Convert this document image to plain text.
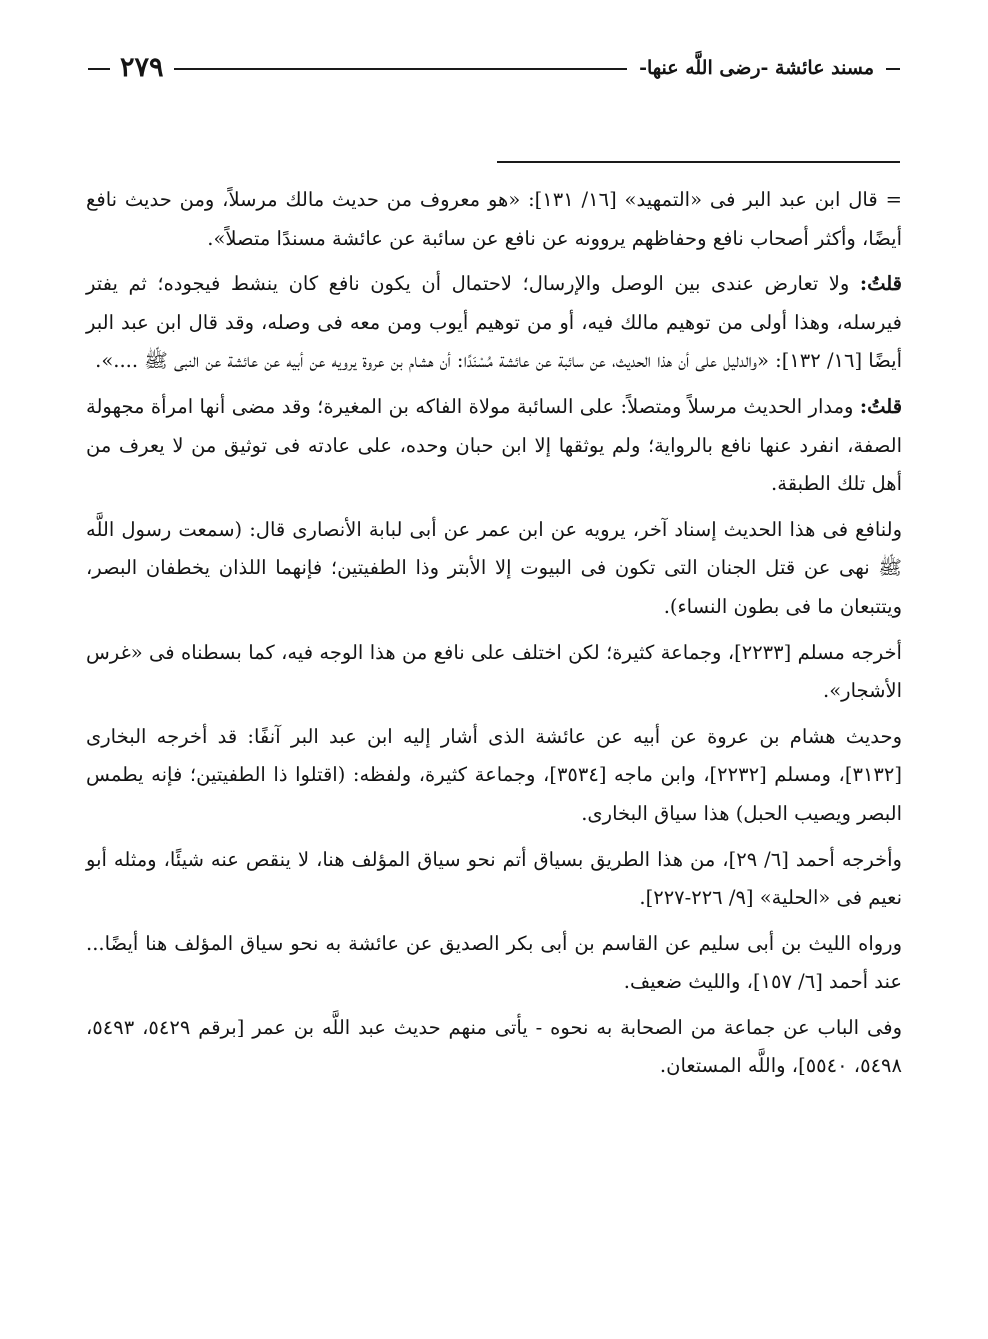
مسند عائشة -رضى اللَّه عنها-
٢٧٩

=قال ابن عبد البر فى «التمهيد» [١٦/ ١٣١]: «هو معروف من حديث مالك مرسلاً، ومن حديث نافع أيضًا، وأكثر أصحاب نافع وحفاظهم يروونه عن نافع عن سائبة عن عائشة مسندًا متصلاً».

قلتُ: ولا تعارض عندى بين الوصل والإرسال؛ لاحتمال أن يكون نافع كان ينشط فيجوده؛ ثم يفتر فيرسله، وهذا أولى من توهيم مالك فيه، أو من توهيم أيوب ومن معه فى وصله، وقد قال ابن عبد البر أيضًا [١٦/ ١٣٢]: «والدليل على أن هذا الحديث، عن سائبة عن عائشة مُسْنَدًا: أن هشام بن عروة يرويه عن أبيه عن عائشة عن النبى ﷺ ....».

قلتُ: ومدار الحديث مرسلاً ومتصلاً: على السائبة مولاة الفاكه بن المغيرة؛ وقد مضى أنها امرأة مجهولة الصفة، انفرد عنها نافع بالرواية؛ ولم يوثقها إلا ابن حبان وحده، على عادته فى توثيق من لا يعرف من أهل تلك الطبقة.

ولنافع فى هذا الحديث إسناد آخر، يرويه عن ابن عمر عن أبى لبابة الأنصارى قال: (سمعت رسول اللَّه ﷺ نهى عن قتل الجنان التى تكون فى البيوت إلا الأبتر وذا الطفيتين؛ فإنهما اللذان يخطفان البصر، ويتتبعان ما فى بطون النساء).

أخرجه مسلم [٢٢٣٣]، وجماعة كثيرة؛ لكن اختلف على نافع من هذا الوجه فيه، كما بسطناه فى «غرس الأشجار».

وحديث هشام بن عروة عن أبيه عن عائشة الذى أشار إليه ابن عبد البر آنفًا: قد أخرجه البخارى [٣١٣٢]، ومسلم [٢٢٣٢]، وابن ماجه [٣٥٣٤]، وجماعة كثيرة، ولفظه: (اقتلوا ذا الطفيتين؛ فإنه يطمس البصر ويصيب الحبل) هذا سياق البخارى.

وأخرجه أحمد [٦/ ٢٩]، من هذا الطريق بسياق أتم نحو سياق المؤلف هنا، لا ينقص عنه شيئًا، ومثله أبو نعيم فى «الحلية» [٩/ ٢٢٦-٢٢٧].

ورواه الليث بن أبى سليم عن القاسم بن أبى بكر الصديق عن عائشة به نحو سياق المؤلف هنا أيضًا... عند أحمد [٦/ ١٥٧]، والليث ضعيف.

وفى الباب عن جماعة من الصحابة به نحوه - يأتى منهم حديث عبد اللَّه بن عمر [برقم ٥٤٢٩، ٥٤٩٣، ٥٤٩٨، ٥٥٤٠]، واللَّه المستعان.
